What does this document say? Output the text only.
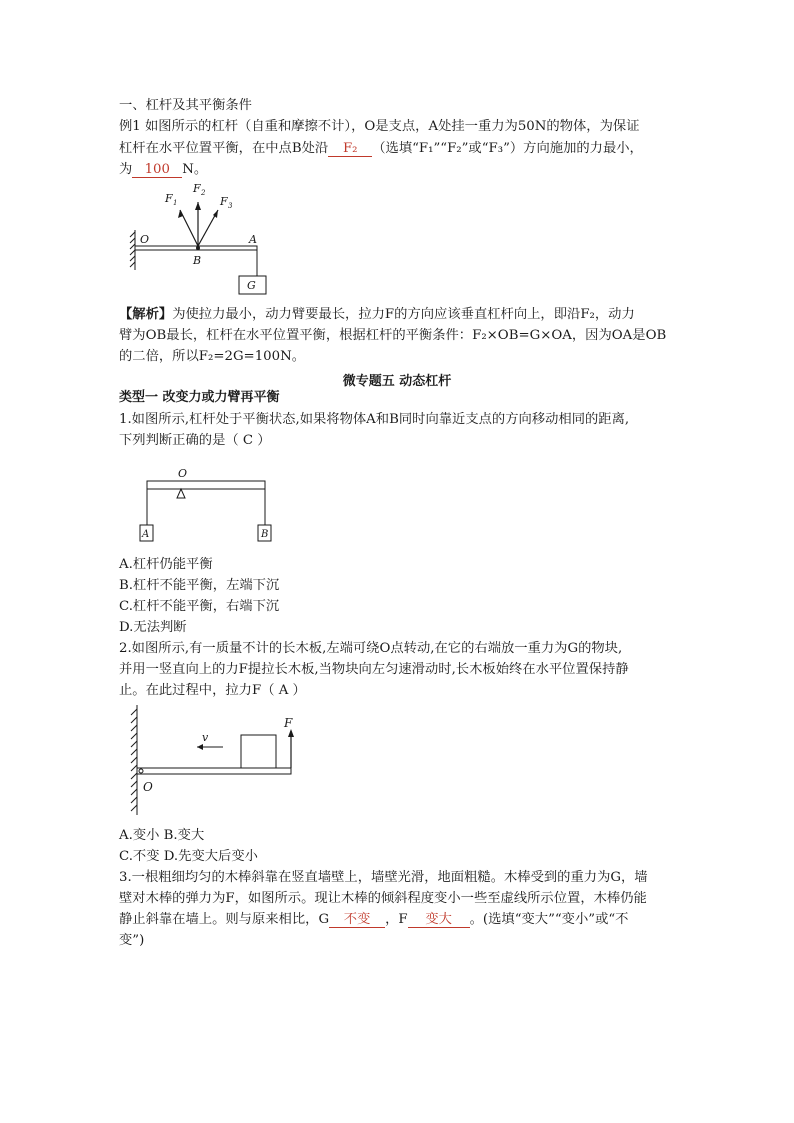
一、杠杆及其平衡条件
例1 如图所示的杠杆（自重和摩擦不计），O是支点，A处挂一重力为50N的物体，为保证
杠杆在水平位置平衡，在中点B处沿 F₂ （选填“F₁”“F₂”或“F₃”）方向施加的力最小，
为 100 N。
F 1
F 2
F 3
O	A
B
G
【解析】为使拉力最小，动力臂要最长，拉力F的方向应该垂直杠杆向上，即沿F₂，动力
臂为OB最长，杠杆在水平位置平衡，根据杠杆的平衡条件：F₂×OB=G×OA，因为OA是OB
的二倍，所以F₂=2G=100N。
微专题五 动态杠杆
类型一 改变力或力臂再平衡
1.如图所示,杠杆处于平衡状态,如果将物体A和B同时向靠近支点的方向移动相同的距离,
下列判断正确的是（ C ）
O
A	B
A.杠杆仍能平衡
B.杠杆不能平衡，左端下沉
C.杠杆不能平衡，右端下沉
D.无法判断
2.如图所示,有一质量不计的长木板,左端可绕O点转动,在它的右端放一重力为G的物块,
并用一竖直向上的力F提拉长木板,当物块向左匀速滑动时,长木板始终在水平位置保持静
止。在此过程中，拉力F（ A ）
v
F
O
A.变小 B.变大
C.不变 D.先变大后变小
3.一根粗细均匀的木棒斜靠在竖直墙壁上，墙壁光滑，地面粗糙。木棒受到的重力为G，墙
壁对木棒的弹力为F，如图所示。现让木棒的倾斜程度变小一些至虚线所示位置，木棒仍能
静止斜靠在墙上。则与原来相比，G 不变 ，F 变大 。(选填“变大”“变小”或“不
变”)
